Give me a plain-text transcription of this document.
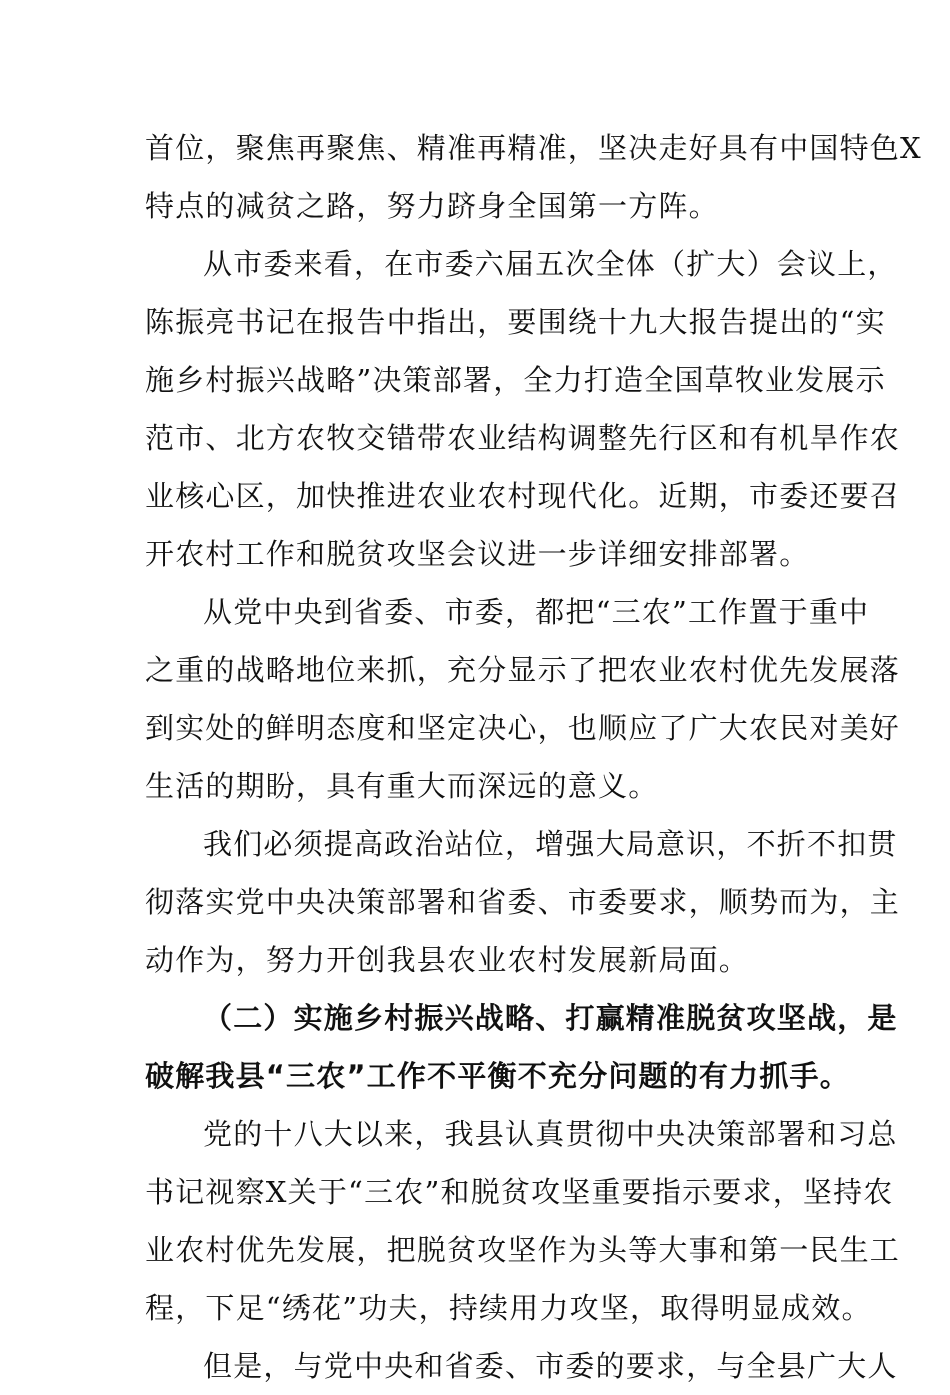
首位，聚焦再聚焦、精准再精准，坚决走好具有中国特色X
特点的减贫之路，努力跻身全国第一方阵。
从市委来看，在市委六届五次全体（扩大）会议上，
陈振亮书记在报告中指出，要围绕十九大报告提出的“实
施乡村振兴战略”决策部署，全力打造全国草牧业发展示
范市、北方农牧交错带农业结构调整先行区和有机旱作农
业核心区，加快推进农业农村现代化。近期，市委还要召
开农村工作和脱贫攻坚会议进一步详细安排部署。
从党中央到省委、市委，都把“三农”工作置于重中
之重的战略地位来抓，充分显示了把农业农村优先发展落
到实处的鲜明态度和坚定决心，也顺应了广大农民对美好
生活的期盼，具有重大而深远的意义。
我们必须提高政治站位，增强大局意识，不折不扣贯
彻落实党中央决策部署和省委、市委要求，顺势而为，主
动作为，努力开创我县农业农村发展新局面。
（二）实施乡村振兴战略、打赢精准脱贫攻坚战，是
破解我县“三农”工作不平衡不充分问题的有力抓手。
党的十八大以来，我县认真贯彻中央决策部署和习总
书记视察X关于“三农”和脱贫攻坚重要指示要求，坚持农
业农村优先发展，把脱贫攻坚作为头等大事和第一民生工
程，下足“绣花”功夫，持续用力攻坚，取得明显成效。
但是，与党中央和省委、市委的要求，与全县广大人
